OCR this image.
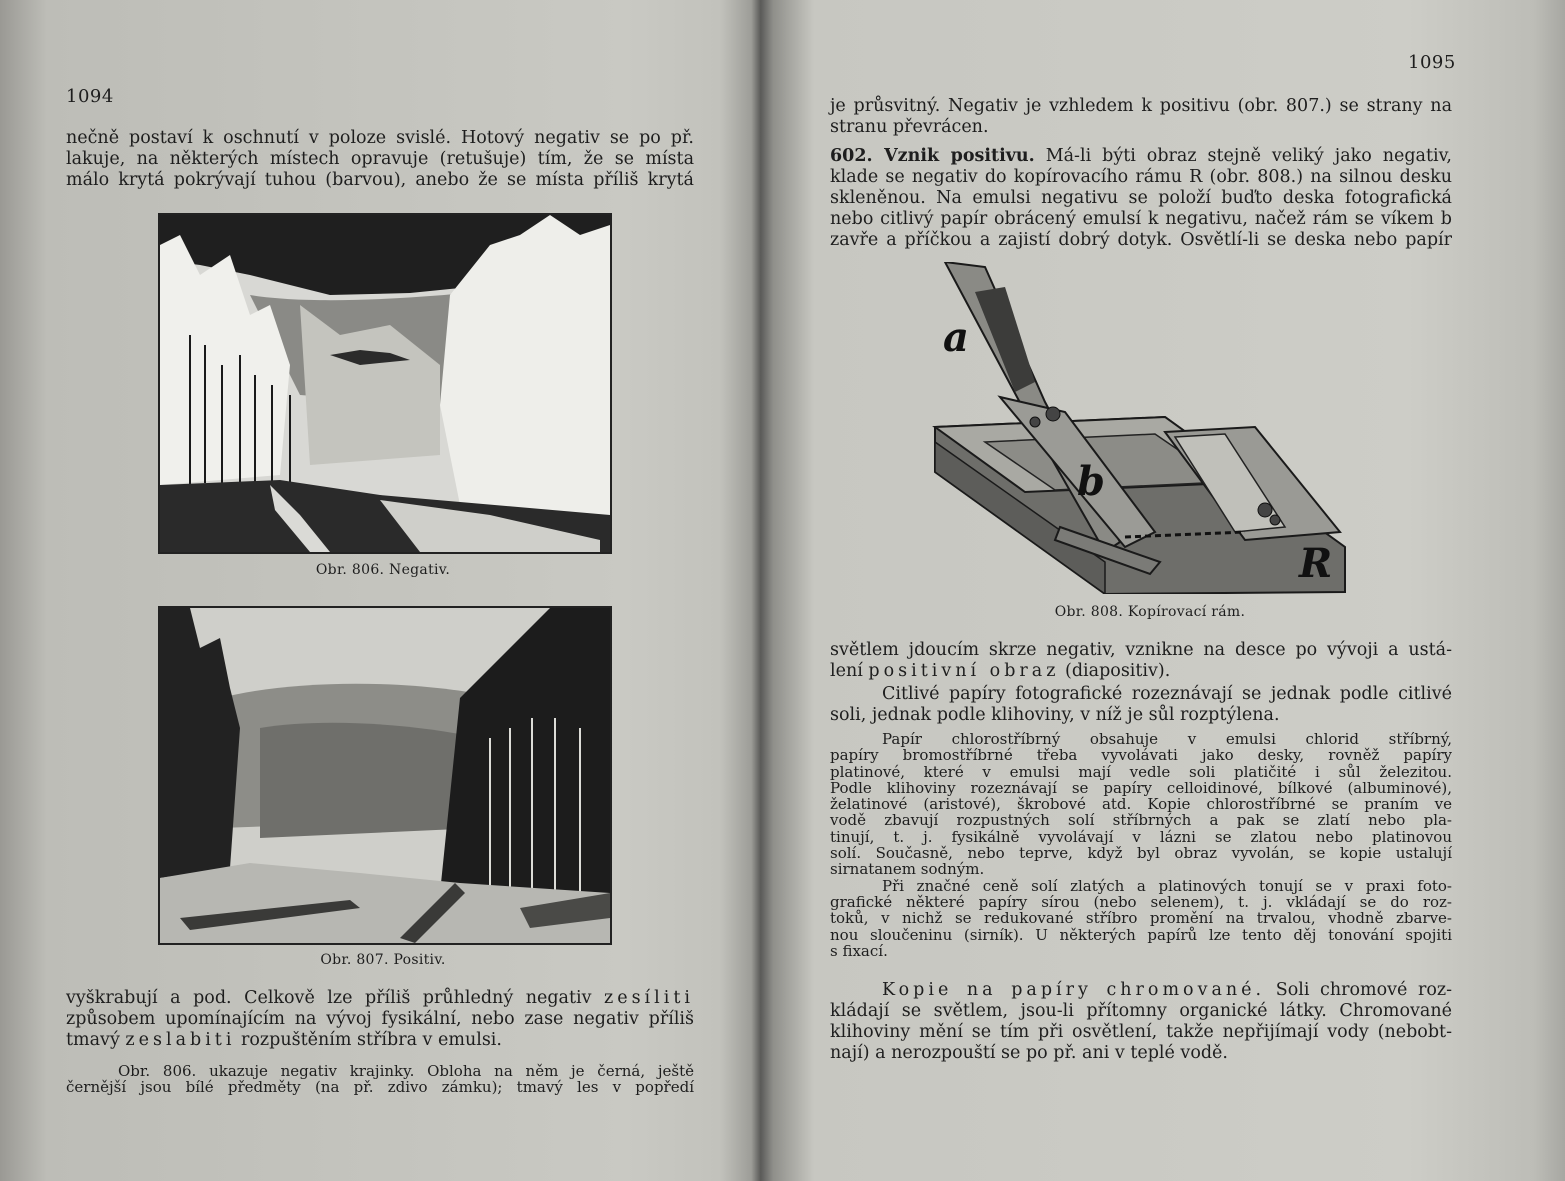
1094

nečně postaví k oschnutí v poloze svislé. Hotový negativ se po př.

lakuje, na některých místech opravuje (retušuje) tím, že se místa

málo krytá pokrývají tuhou (barvou), anebo že se místa příliš krytá

Obr. 806. Negativ.
Obr. 807. Positiv.

vyškrabují a pod. Celkově lze příliš průhledný negativ zesíliti

způsobem upomínajícím na vývoj fysikální, nebo zase negativ příliš

tmavý zeslabiti rozpuštěním stříbra v emulsi.

Obr. 806. ukazuje negativ krajinky. Obloha na něm je černá, ještě

černější jsou bílé předměty (na př. zdivo zámku); tmavý les v popředí

1095

je průsvitný. Negativ je vzhledem k positivu (obr. 807.) se strany na

stranu převrácen.

602. Vznik positivu. Má-li býti obraz stejně veliký jako negativ,

klade se negativ do kopírovacího rámu R (obr. 808.) na silnou desku

skleněnou. Na emulsi negativu se položí buďto deska fotografická

nebo citlivý papír obrácený emulsí k negativu, načež rám se víkem b

zavře a příčkou a zajistí dobrý dotyk. Osvětlí-li se deska nebo papír

a
b
R
Obr. 808. Kopírovací rám.

světlem jdoucím skrze negativ, vznikne na desce po vývoji a ustá-

lení positivní obraz (diapositiv).

Citlivé papíry fotografické rozeznávají se jednak podle citlivé

soli, jednak podle klihoviny, v níž je sůl rozptýlena.

Papír chlorostříbrný obsahuje v emulsi chlorid stříbrný,

papíry bromostříbrné třeba vyvolávati jako desky, rovněž papíry

platinové, které v emulsi mají vedle soli platičité i sůl železitou.

Podle klihoviny rozeznávají se papíry celloidinové, bílkové (albuminové),

želatinové (aristové), škrobové atd. Kopie chlorostříbrné se praním ve

vodě zbavují rozpustných solí stříbrných a pak se zlatí nebo pla-

tinují, t. j. fysikálně vyvolávají v lázni se zlatou nebo platinovou

solí. Současně, nebo teprve, když byl obraz vyvolán, se kopie ustalují

sirnatanem sodným.

Při značné ceně solí zlatých a platinových tonují se v praxi foto-

grafické některé papíry sírou (nebo selenem), t. j. vkládají se do roz-

toků, v nichž se redukované stříbro promění na trvalou, vhodně zbarve-

nou sloučeninu (sirník). U některých papírů lze tento děj tonování spojiti

s fixací.

Kopie na papíry chromované. Soli chromové roz-

kládají se světlem, jsou-li přítomny organické látky. Chromované

klihoviny mění se tím při osvětlení, takže nepřijímají vody (nebobt-

nají) a nerozpouští se po př. ani v teplé vodě.
